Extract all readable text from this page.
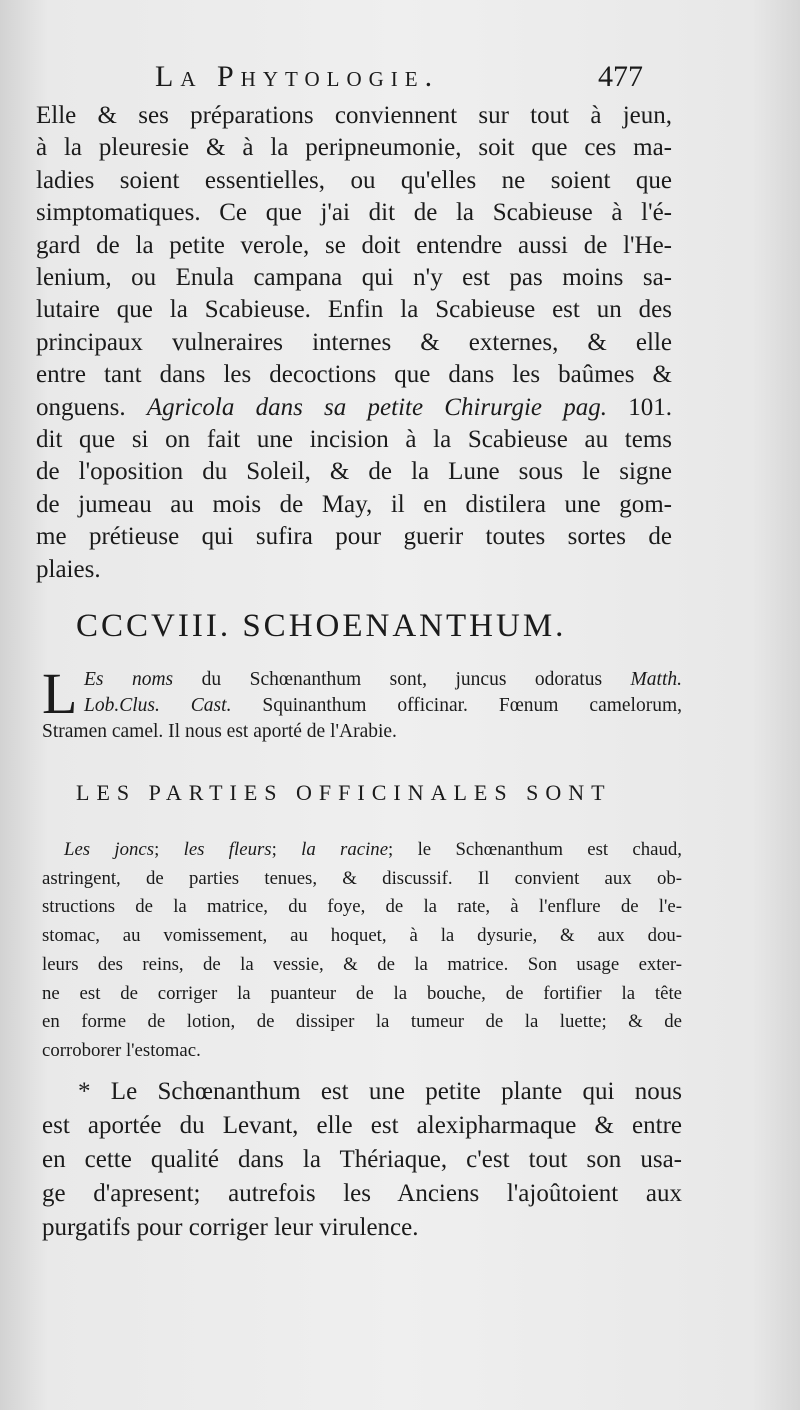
La Phytologie.	477
Elle & ses préparations conviennent sur tout à jeun,
à la pleuresie & à la peripneumonie, soit que ces ma-
ladies soient essentielles, ou qu'elles ne soient que
simptomatiques. Ce que j'ai dit de la Scabieuse à l'é-
gard de la petite verole, se doit entendre aussi de l'He-
lenium, ou Enula campana qui n'y est pas moins sa-
lutaire que la Scabieuse. Enfin la Scabieuse est un des
principaux vulneraires internes & externes, & elle
entre tant dans les decoctions que dans les baûmes &
onguens. Agricola dans sa petite Chirurgie pag. 101.
dit que si on fait une incision à la Scabieuse au tems
de l'oposition du Soleil, & de la Lune sous le signe
de jumeau au mois de May, il en distilera une gom-
me prétieuse qui sufira pour guerir toutes sortes de
plaies.
CCCVIII. SCHOENANTHUM.
L Es noms du Schœnanthum sont, juncus odoratus Matth.
Lob.Clus. Cast. Squinanthum officinar. Fœnum camelorum,
Stramen camel. Il nous est aporté de l'Arabie.
LES PARTIES OFFICINALES SONT
Les joncs; les fleurs; la racine; le Schœnanthum est chaud,
astringent, de parties tenues, & discussif. Il convient aux ob-
structions de la matrice, du foye, de la rate, à l'enflure de l'e-
stomac, au vomissement, au hoquet, à la dysurie, & aux dou-
leurs des reins, de la vessie, & de la matrice. Son usage exter-
ne est de corriger la puanteur de la bouche, de fortifier la tête
en forme de lotion, de dissiper la tumeur de la luette; & de
corroborer l'estomac.
* Le Schœnanthum est une petite plante qui nous
est aportée du Levant, elle est alexipharmaque & entre
en cette qualité dans la Thériaque, c'est tout son usa-
ge d'apresent; autrefois les Anciens l'ajoûtoient aux
purgatifs pour corriger leur virulence.
